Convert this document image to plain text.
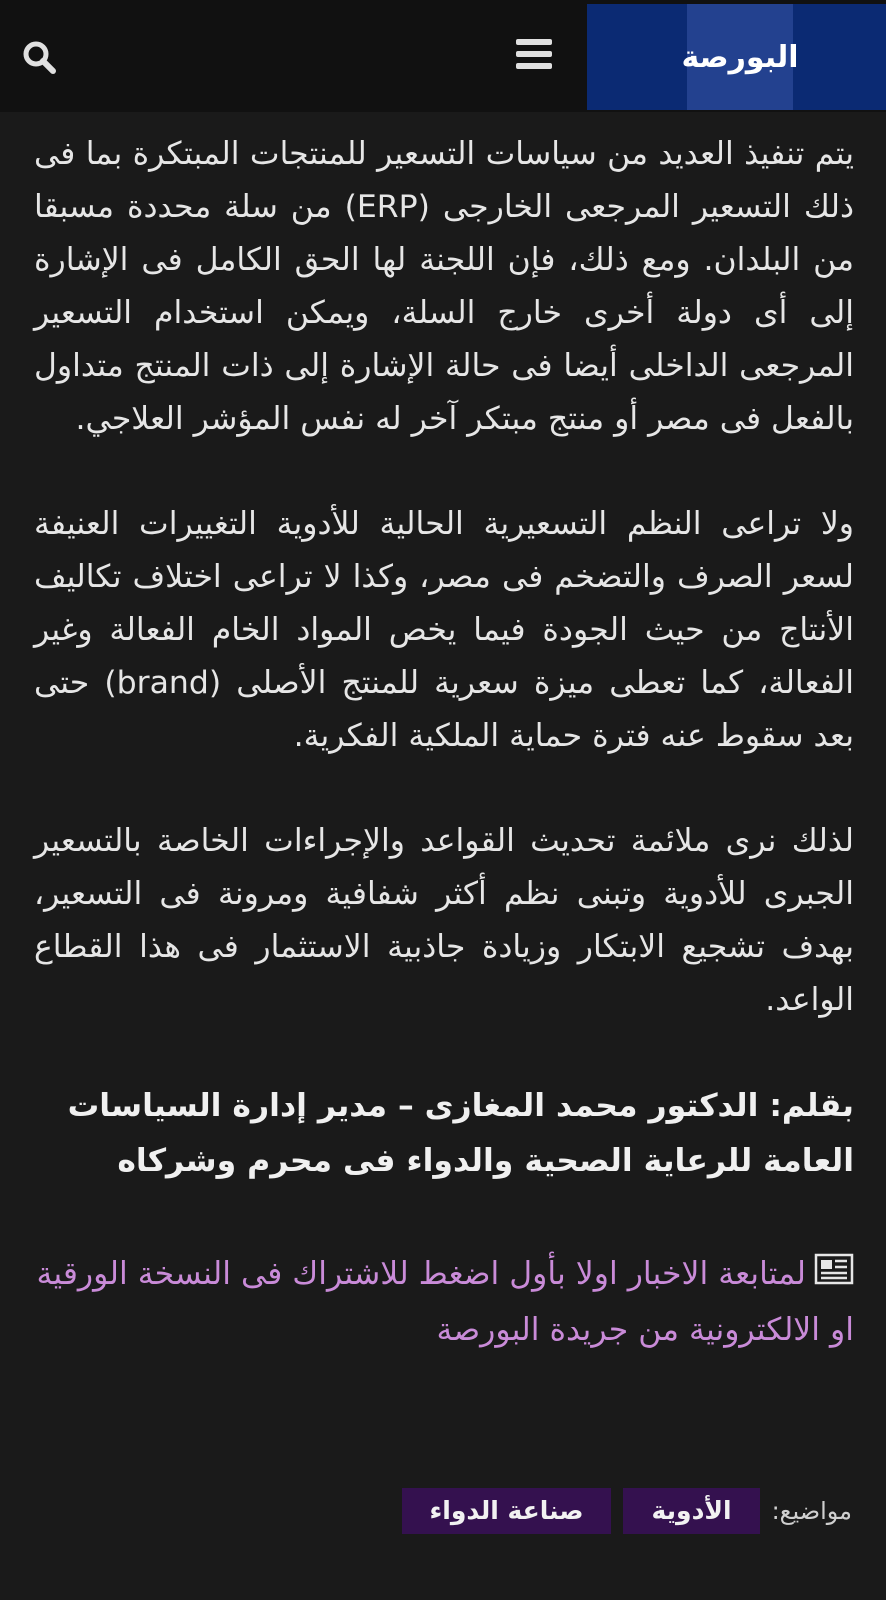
البورصة

يتم تنفيذ العديد من سياسات التسعير للمنتجات المبتكرة بما فى ذلك التسعير المرجعى الخارجى (ERP) من سلة محددة مسبقا من البلدان. ومع ذلك، فإن اللجنة لها الحق الكامل فى الإشارة إلى أى دولة أخرى خارج السلة، ويمكن استخدام التسعير المرجعى الداخلى أيضا فى حالة الإشارة إلى ذات المنتج متداول بالفعل فى مصر أو منتج مبتكر آخر له نفس المؤشر العلاجي.

ولا تراعى النظم التسعيرية الحالية للأدوية التغييرات العنيفة لسعر الصرف والتضخم فى مصر، وكذا لا تراعى اختلاف تكاليف الأنتاج من حيث الجودة فيما يخص المواد الخام الفعالة وغير الفعالة، كما تعطى ميزة سعرية للمنتج الأصلى (brand) حتى بعد سقوط عنه فترة حماية الملكية الفكرية.

لذلك نرى ملائمة تحديث القواعد والإجراءات الخاصة بالتسعير الجبرى للأدوية وتبنى نظم أكثر شفافية ومرونة فى التسعير، بهدف تشجيع الابتكار وزيادة جاذبية الاستثمار فى هذا القطاع الواعد.

بقلم: الدكتور محمد المغازى – مدير إدارة السياسات العامة للرعاية الصحية والدواء فى محرم وشركاه

لمتابعة الاخبار اولا بأول اضغط للاشتراك فى النسخة الورقية او الالكترونية من جريدة البورصة
مواضيع:
الأدوية
صناعة الدواء
